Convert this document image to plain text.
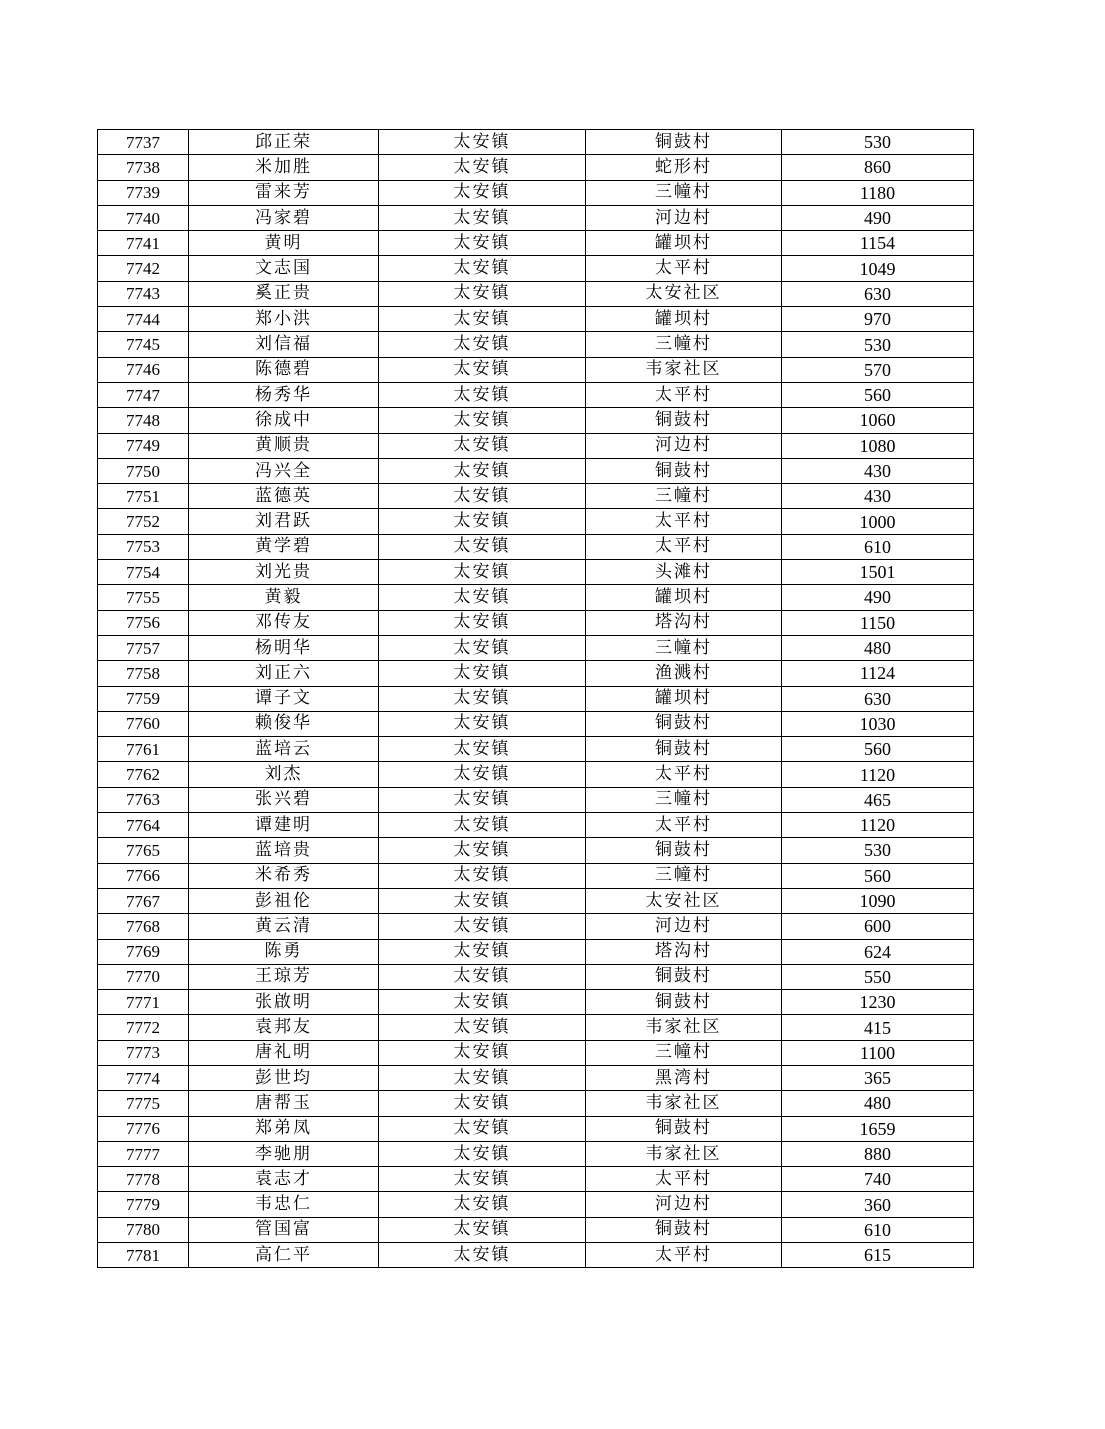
7737	邱正荣	太安镇	铜鼓村	530
7738	米加胜	太安镇	蛇形村	860
7739	雷来芳	太安镇	三幢村	1180
7740	冯家碧	太安镇	河边村	490
7741	黄明	太安镇	罐坝村	1154
7742	文志国	太安镇	太平村	1049
7743	奚正贵	太安镇	太安社区	630
7744	郑小洪	太安镇	罐坝村	970
7745	刘信福	太安镇	三幢村	530
7746	陈德碧	太安镇	韦家社区	570
7747	杨秀华	太安镇	太平村	560
7748	徐成中	太安镇	铜鼓村	1060
7749	黄顺贵	太安镇	河边村	1080
7750	冯兴全	太安镇	铜鼓村	430
7751	蓝德英	太安镇	三幢村	430
7752	刘君跃	太安镇	太平村	1000
7753	黄学碧	太安镇	太平村	610
7754	刘光贵	太安镇	头滩村	1501
7755	黄毅	太安镇	罐坝村	490
7756	邓传友	太安镇	塔沟村	1150
7757	杨明华	太安镇	三幢村	480
7758	刘正六	太安镇	渔溅村	1124
7759	谭子文	太安镇	罐坝村	630
7760	赖俊华	太安镇	铜鼓村	1030
7761	蓝培云	太安镇	铜鼓村	560
7762	刘杰	太安镇	太平村	1120
7763	张兴碧	太安镇	三幢村	465
7764	谭建明	太安镇	太平村	1120
7765	蓝培贵	太安镇	铜鼓村	530
7766	米希秀	太安镇	三幢村	560
7767	彭祖伦	太安镇	太安社区	1090
7768	黄云清	太安镇	河边村	600
7769	陈勇	太安镇	塔沟村	624
7770	王琼芳	太安镇	铜鼓村	550
7771	张啟明	太安镇	铜鼓村	1230
7772	袁邦友	太安镇	韦家社区	415
7773	唐礼明	太安镇	三幢村	1100
7774	彭世均	太安镇	黑湾村	365
7775	唐帮玉	太安镇	韦家社区	480
7776	郑弟凤	太安镇	铜鼓村	1659
7777	李驰朋	太安镇	韦家社区	880
7778	袁志才	太安镇	太平村	740
7779	韦忠仁	太安镇	河边村	360
7780	管国富	太安镇	铜鼓村	610
7781	高仁平	太安镇	太平村	615
